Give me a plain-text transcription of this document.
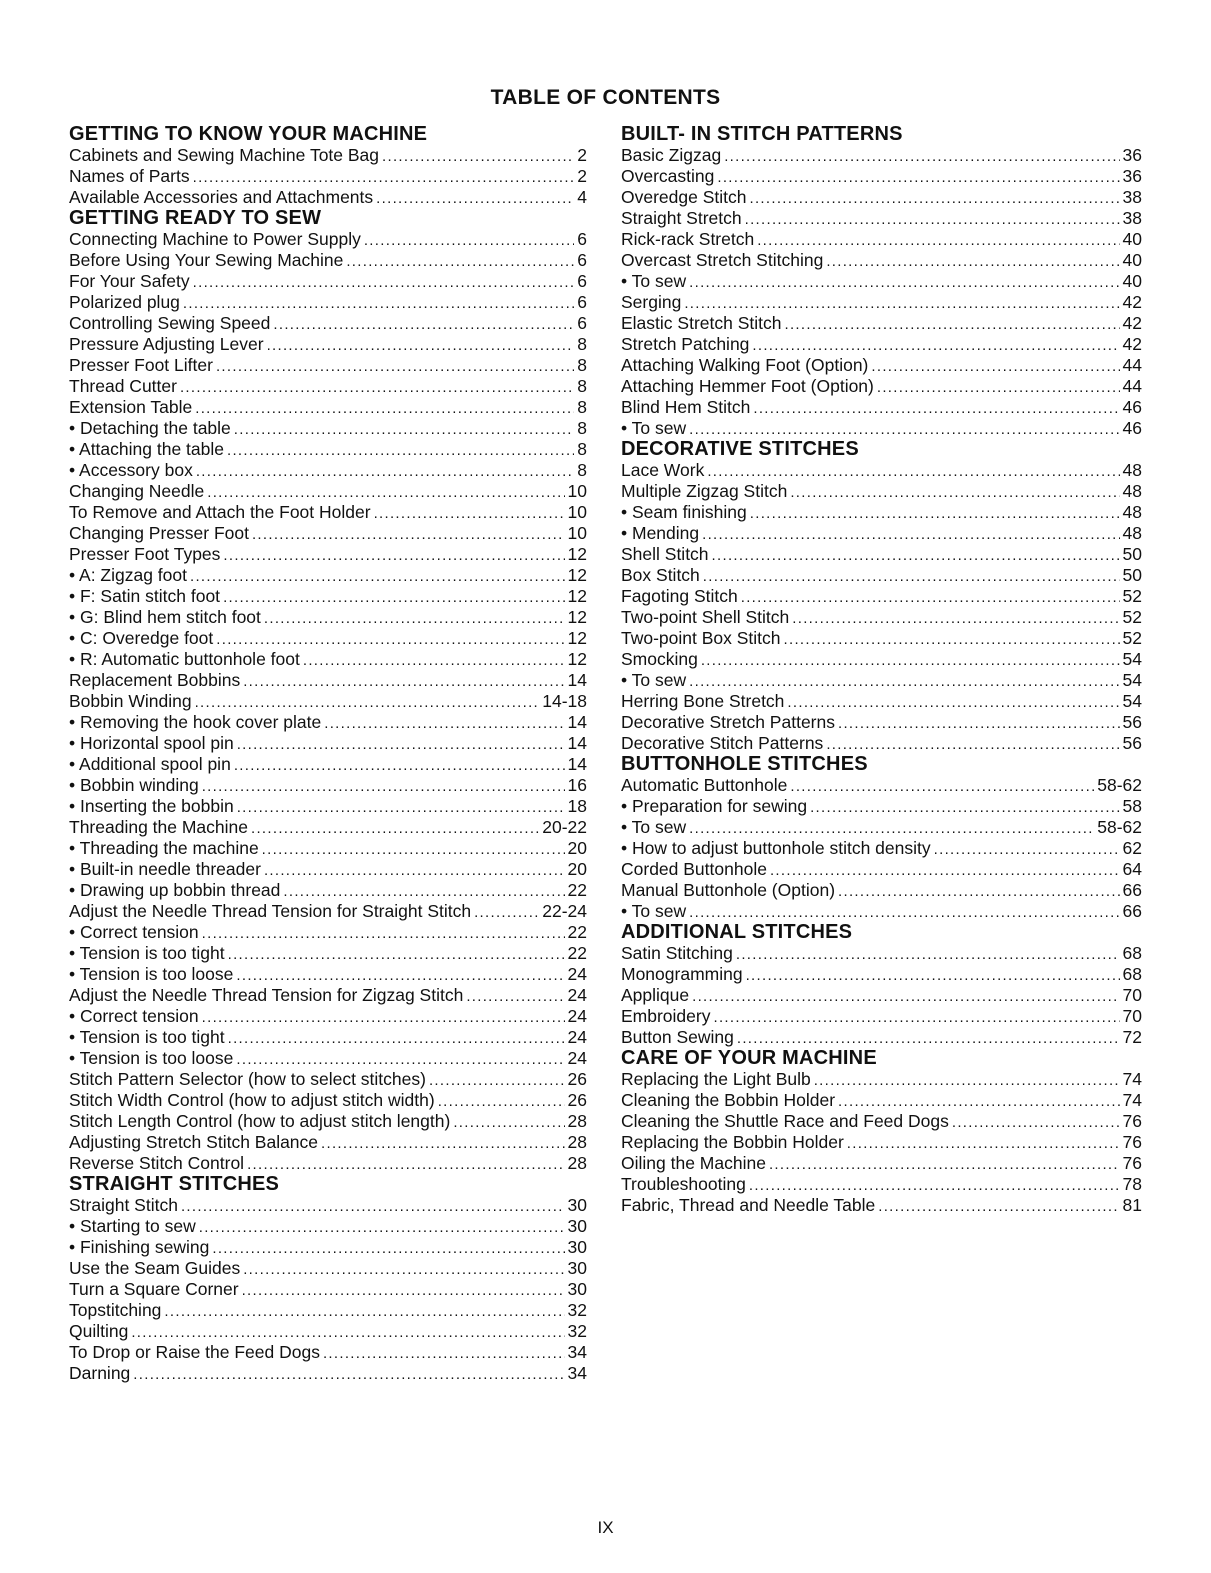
TABLE OF CONTENTS
GETTING TO KNOW YOUR MACHINE
Cabinets and Sewing Machine Tote Bag .....	2
Names of Parts .....	2
Available Accessories and Attachments .....	4
GETTING READY TO SEW
Connecting Machine to Power Supply .....	6
Before Using Your Sewing Machine .....	6
For Your Safety .....	6
Polarized plug .....	6
Controlling Sewing Speed .....	6
Pressure Adjusting Lever .....	8
Presser Foot Lifter .....	8
Thread Cutter .....	8
Extension Table .....	8
• Detaching the table .....	8
• Attaching the table .....	8
• Accessory box .....	8
Changing Needle .....	10
To Remove and Attach the Foot Holder .....	10
Changing Presser Foot .....	10
Presser Foot Types .....	12
• A: Zigzag foot .....	12
• F: Satin stitch foot .....	12
• G: Blind hem stitch foot .....	12
• C: Overedge foot .....	12
• R: Automatic buttonhole foot .....	12
Replacement Bobbins .....	14
Bobbin Winding .....	14-18
• Removing the hook cover plate .....	14
• Horizontal spool pin .....	14
• Additional spool pin .....	14
• Bobbin winding .....	16
• Inserting the bobbin .....	18
Threading the Machine .....	20-22
• Threading the machine .....	20
• Built-in needle threader .....	20
• Drawing up bobbin thread .....	22
Adjust the Needle Thread Tension for Straight Stitch .....	22-24
• Correct tension .....	22
• Tension is too tight .....	22
• Tension is too loose .....	24
Adjust the Needle Thread Tension for Zigzag Stitch .....	24
• Correct tension .....	24
• Tension is too tight .....	24
• Tension is too loose .....	24
Stitch Pattern Selector (how to select stitches) .....	26
Stitch Width Control (how to adjust stitch width) .....	26
Stitch Length Control (how to adjust stitch length) .....	28
Adjusting Stretch Stitch Balance .....	28
Reverse Stitch Control .....	28
STRAIGHT STITCHES
Straight Stitch .....	30
• Starting to sew .....	30
• Finishing sewing .....	30
Use the Seam Guides .....	30
Turn a Square Corner .....	30
Topstitching .....	32
Quilting .....	32
To Drop or Raise the Feed Dogs .....	34
Darning .....	34
BUILT- IN STITCH PATTERNS
Basic Zigzag .....	36
Overcasting .....	36
Overedge Stitch .....	38
Straight Stretch .....	38
Rick-rack Stretch .....	40
Overcast Stretch Stitching .....	40
• To sew .....	40
Serging .....	42
Elastic Stretch Stitch .....	42
Stretch Patching .....	42
Attaching Walking Foot (Option) .....	44
Attaching Hemmer Foot (Option) .....	44
Blind Hem Stitch .....	46
• To sew .....	46
DECORATIVE STITCHES
Lace Work .....	48
Multiple Zigzag Stitch .....	48
• Seam finishing .....	48
• Mending .....	48
Shell Stitch .....	50
Box Stitch .....	50
Fagoting Stitch .....	52
Two-point Shell Stitch .....	52
Two-point Box Stitch .....	52
Smocking .....	54
• To sew .....	54
Herring Bone Stretch .....	54
Decorative Stretch Patterns .....	56
Decorative Stitch Patterns .....	56
BUTTONHOLE STITCHES
Automatic Buttonhole .....	58-62
• Preparation for sewing .....	58
• To sew .....	58-62
• How to adjust buttonhole stitch density .....	62
Corded Buttonhole .....	64
Manual Buttonhole (Option) .....	66
• To sew .....	66
ADDITIONAL STITCHES
Satin Stitching .....	68
Monogramming .....	68
Applique .....	70
Embroidery .....	70
Button Sewing .....	72
CARE OF YOUR MACHINE
Replacing the Light Bulb .....	74
Cleaning the Bobbin Holder .....	74
Cleaning the Shuttle Race and Feed Dogs .....	76
Replacing the Bobbin Holder .....	76
Oiling the Machine .....	76
Troubleshooting .....	78
Fabric, Thread and Needle Table .....	81
IX
